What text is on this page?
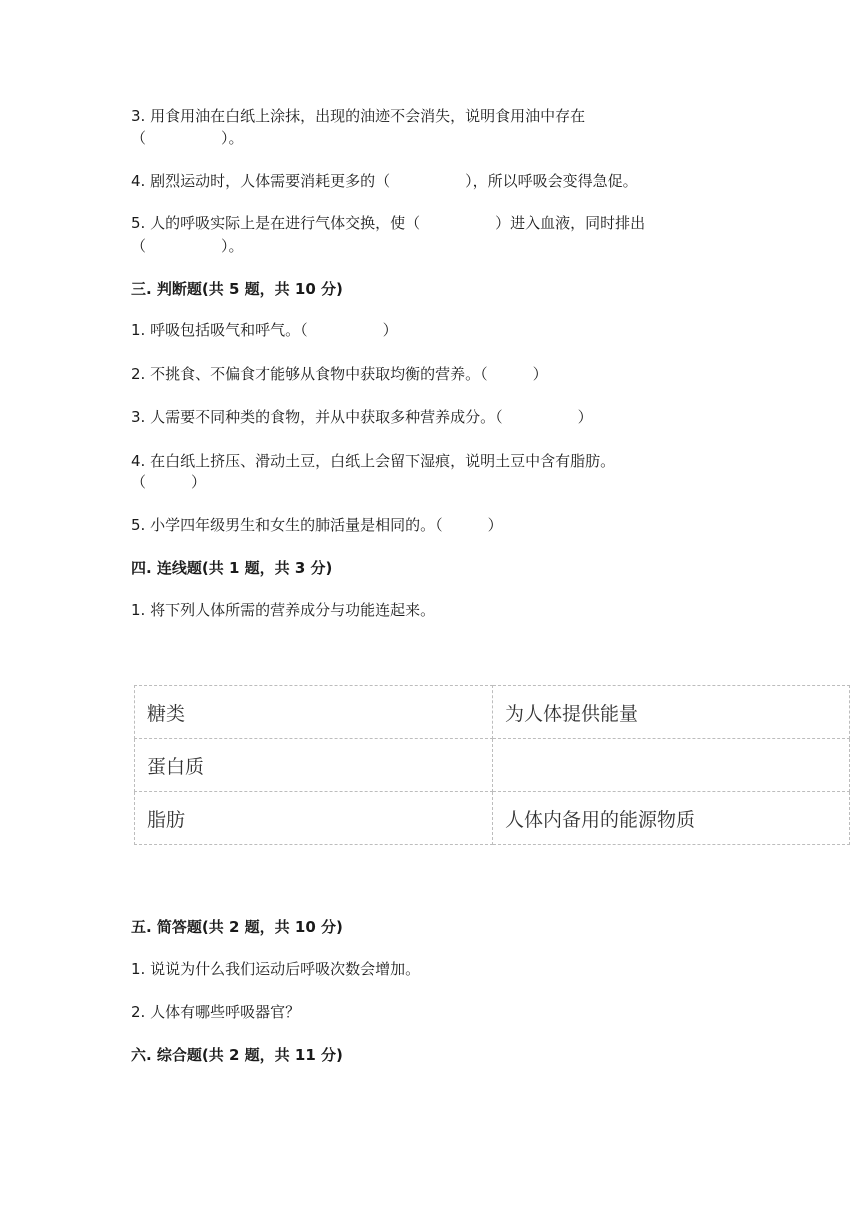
3. 用食用油在白纸上涂抹，出现的油迹不会消失，说明食用油中存在
（　　　　　）。
4. 剧烈运动时，人体需要消耗更多的（　　　　　），所以呼吸会变得急促。
5. 人的呼吸实际上是在进行气体交换，使（　　　　　）进入血液，同时排出
（　　　　　）。
三. 判断题(共 5 题，共 10 分)
1. 呼吸包括吸气和呼气。（　　　　　）
2. 不挑食、不偏食才能够从食物中获取均衡的营养。（　　　）
3. 人需要不同种类的食物，并从中获取多种营养成分。（　　　　　）
4. 在白纸上挤压、滑动土豆，白纸上会留下湿痕，说明土豆中含有脂肪。
（　　　）
5. 小学四年级男生和女生的肺活量是相同的。（　　　）
四. 连线题(共 1 题，共 3 分)
1. 将下列人体所需的营养成分与功能连起来。
糖类	为人体提供能量
蛋白质	
脂肪	人体内备用的能源物质
五. 简答题(共 2 题，共 10 分)
1. 说说为什么我们运动后呼吸次数会增加。
2. 人体有哪些呼吸器官？
六. 综合题(共 2 题，共 11 分)
